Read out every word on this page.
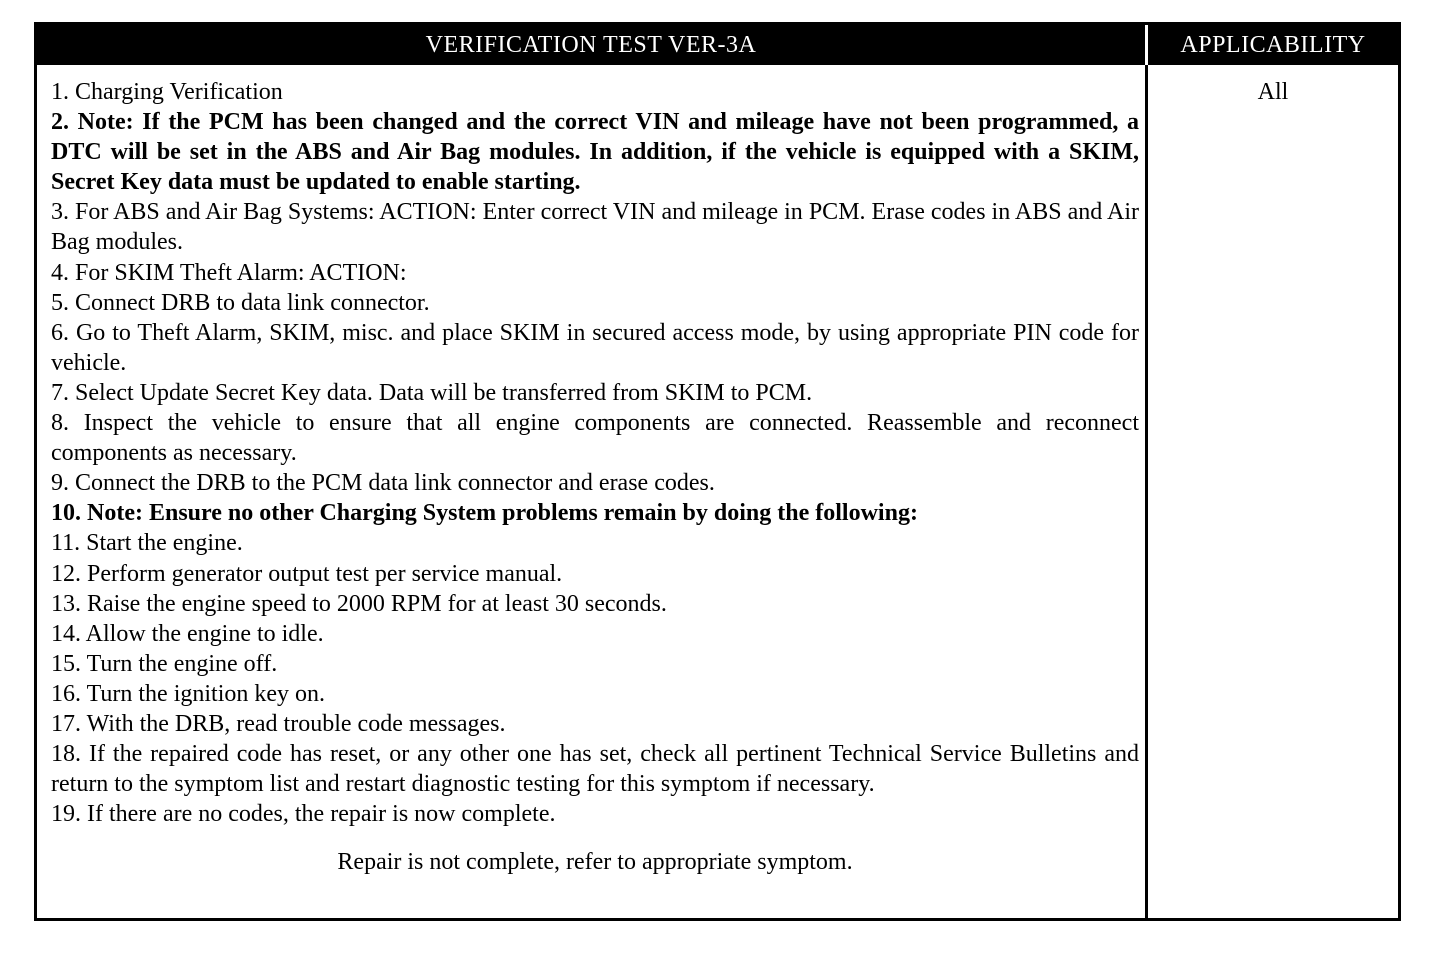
VERIFICATION TEST VER-3A	APPLICABILITY

1. Charging Verification

2. Note: If the PCM has been changed and the correct VIN and mileage have not been programmed, a DTC will be set in the ABS and Air Bag modules. In addition, if the vehicle is equipped with a SKIM, Secret Key data must be updated to enable starting.

3. For ABS and Air Bag Systems: ACTION: Enter correct VIN and mileage in PCM. Erase codes in ABS and Air Bag modules.

4. For SKIM Theft Alarm: ACTION:

5. Connect DRB to data link connector.

6. Go to Theft Alarm, SKIM, misc. and place SKIM in secured access mode, by using appropriate PIN code for vehicle.

7. Select Update Secret Key data. Data will be transferred from SKIM to PCM.

8. Inspect the vehicle to ensure that all engine components are connected. Reassemble and reconnect components as necessary.

9. Connect the DRB to the PCM data link connector and erase codes.

10. Note: Ensure no other Charging System problems remain by doing the following:

11. Start the engine.

12. Perform generator output test per service manual.

13. Raise the engine speed to 2000 RPM for at least 30 seconds.

14. Allow the engine to idle.

15. Turn the engine off.

16. Turn the ignition key on.

17. With the DRB, read trouble code messages.

18. If the repaired code has reset, or any other one has set, check all pertinent Technical Service Bulletins and return to the symptom list and restart diagnostic testing for this symptom if necessary.

19. If there are no codes, the repair is now complete.

Repair is not complete, refer to appropriate symptom.
All
